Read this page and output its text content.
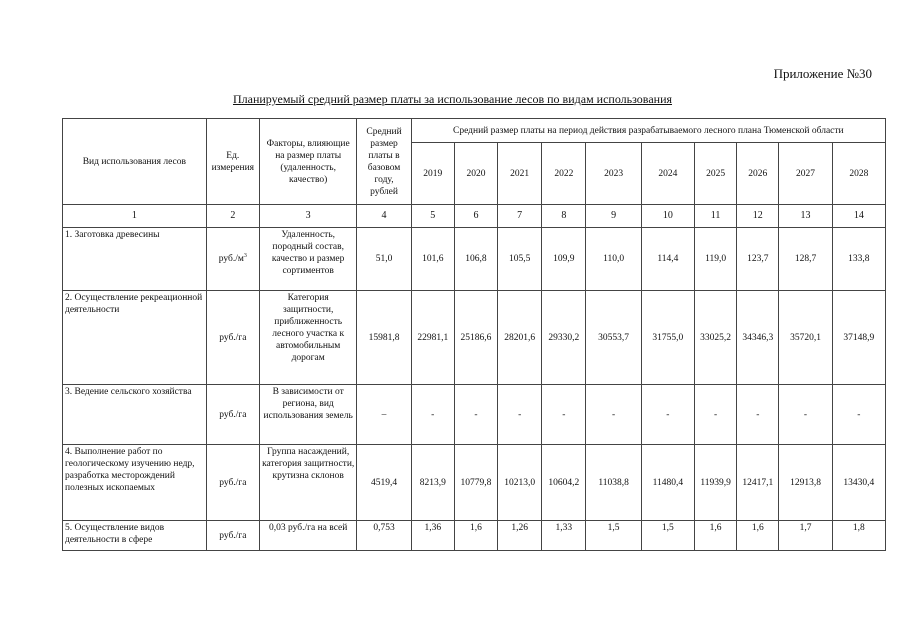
Приложение №30
Планируемый средний размер платы за использование лесов по видам использования
Вид использования лесов	Ед. измерения	Факторы, влияющие на размер платы (удаленность, качество)	Средний размер платы в базовом году, рублей	Средний размер платы на период действия разрабатываемого лесного плана Тюменской области									
				2019	2020	2021	2022	2023	2024	2025	2026	2027	2028
1	2	3	4	5	6	7	8	9	10	11	12	13	14
1. Заготовка древесины	$руб./м^3$	Удаленность, породный состав, качество и размер сортиментов	51,0	101,6	106,8	105,5	109,9	110,0	114,4	119,0	123,7	128,7	133,8
2. Осуществление рекреационной деятельности	руб./га	Категория защитности, приближенность лесного участка к автомобильным дорогам	15981,8	22981,1	25186,6	28201,6	29330,2	30553,7	31755,0	33025,2	34346,3	35720,1	37148,9
3. Ведение сельского хозяйства	руб./га	В зависимости от региона, вид использования земель	–	-	-	-	-	-	-	-	-	-	-
4. Выполнение работ по геологическому изучению недр, разработка месторождений полезных ископаемых	руб./га	Группа насаждений, категория защитности, крутизна склонов	4519,4	8213,9	10779,8	10213,0	10604,2	11038,8	11480,4	11939,9	12417,1	12913,8	13430,4
5. Осуществление видов деятельности в сфере	руб./га	0,03 руб./га на всей	0,753	1,36	1,6	1,26	1,33	1,5	1,5	1,6	1,6	1,7	1,8
